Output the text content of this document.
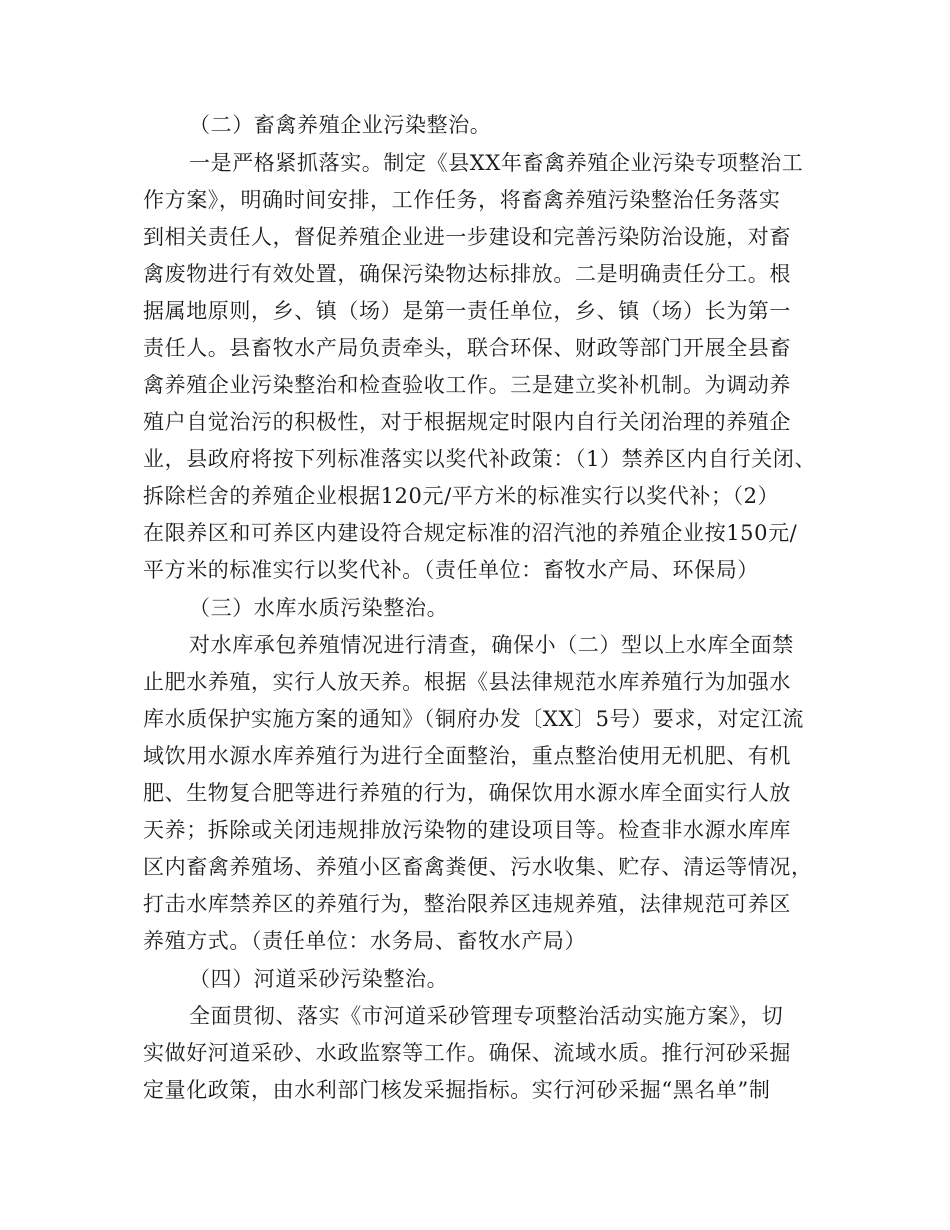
（二）畜禽养殖企业污染整治。
一是严格紧抓落实。制定《县XX年畜禽养殖企业污染专项整治工
作方案》，明确时间安排，工作任务，将畜禽养殖污染整治任务落实
到相关责任人，督促养殖企业进一步建设和完善污染防治设施，对畜
禽废物进行有效处置，确保污染物达标排放。二是明确责任分工。根
据属地原则，乡、镇（场）是第一责任单位，乡、镇（场）长为第一
责任人。县畜牧水产局负责牵头，联合环保、财政等部门开展全县畜
禽养殖企业污染整治和检查验收工作。三是建立奖补机制。为调动养
殖户自觉治污的积极性，对于根据规定时限内自行关闭治理的养殖企
业，县政府将按下列标准落实以奖代补政策：（1）禁养区内自行关闭、
拆除栏舍的养殖企业根据120元/平方米的标准实行以奖代补；（2）
在限养区和可养区内建设符合规定标准的沼汽池的养殖企业按150元/
平方米的标准实行以奖代补。（责任单位：畜牧水产局、环保局）
（三）水库水质污染整治。
对水库承包养殖情况进行清查，确保小（二）型以上水库全面禁
止肥水养殖，实行人放天养。根据《县法律规范水库养殖行为加强水
库水质保护实施方案的通知》（铜府办发〔XX〕5号）要求，对定江流
域饮用水源水库养殖行为进行全面整治，重点整治使用无机肥、有机
肥、生物复合肥等进行养殖的行为，确保饮用水源水库全面实行人放
天养；拆除或关闭违规排放污染物的建设项目等。检查非水源水库库
区内畜禽养殖场、养殖小区畜禽粪便、污水收集、贮存、清运等情况，
打击水库禁养区的养殖行为，整治限养区违规养殖，法律规范可养区
养殖方式。（责任单位：水务局、畜牧水产局）
（四）河道采砂污染整治。
全面贯彻、落实《市河道采砂管理专项整治活动实施方案》，切
实做好河道采砂、水政监察等工作。确保、流域水质。推行河砂采掘
定量化政策，由水利部门核发采掘指标。实行河砂采掘“黑名单”制
